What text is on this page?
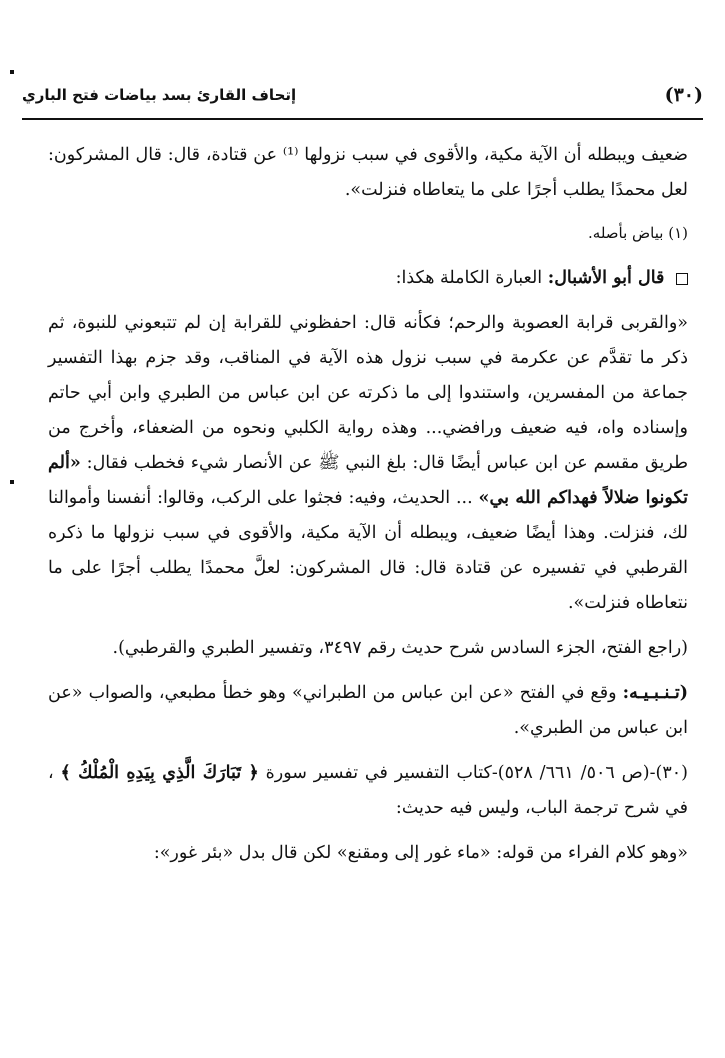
(٣٠)
إتحاف القارئ بسد بياضات فتح الباري

ضعيف ويبطله أن الآية مكية، والأقوى في سبب نزولها ⁽¹⁾ عن قتادة، قال: قال المشركون: لعل محمدًا يطلب أجرًا على ما يتعاطاه فنزلت».

(١) بياض بأصله.

قال أبو الأشبال: العبارة الكاملة هكذا:

«والقربى قرابة العصوبة والرحم؛ فكأنه قال: احفظوني للقرابة إن لم تتبعوني للنبوة، ثم ذكر ما تقدَّم عن عكرمة في سبب نزول هذه الآية في المناقب، وقد جزم بهذا التفسير جماعة من المفسرين، واستندوا إلى ما ذكرته عن ابن عباس من الطبري وابن أبي حاتم وإسناده واه، فيه ضعيف ورافضي... وهذه رواية الكلبي ونحوه من الضعفاء، وأخرج من طريق مقسم عن ابن عباس أيضًا قال: بلغ النبي ﷺ عن الأنصار شيء فخطب فقال: «ألم تكونوا ضلالاً فهداكم الله بي» ... الحديث، وفيه: فجثوا على الركب، وقالوا: أنفسنا وأموالنا لك، فنزلت. وهذا أيضًا ضعيف، ويبطله أن الآية مكية، والأقوى في سبب نزولها ما ذكره القرطبي في تفسيره عن قتادة قال: قال المشركون: لعلَّ محمدًا يطلب أجرًا على ما نتعاطاه فنزلت».

(راجع الفتح، الجزء السادس شرح حديث رقم ٣٤٩٧، وتفسير الطبري والقرطبي).

(تـنـبـيـه: وقع في الفتح «عن ابن عباس من الطبراني» وهو خطأ مطبعي، والصواب «عن ابن عباس من الطبري».

(٣٠)-(ص ٥٠٦/ ٦٦١/ ٥٢٨)-كتاب التفسير في تفسير سورة ﴿ تَبَارَكَ الَّذِي بِيَدِهِ الْمُلْكُ ﴾ ، في شرح ترجمة الباب، وليس فيه حديث:

«وهو كلام الفراء من قوله: «ماء غور إلى ومقنع» لكن قال بدل «بئر غور»:
